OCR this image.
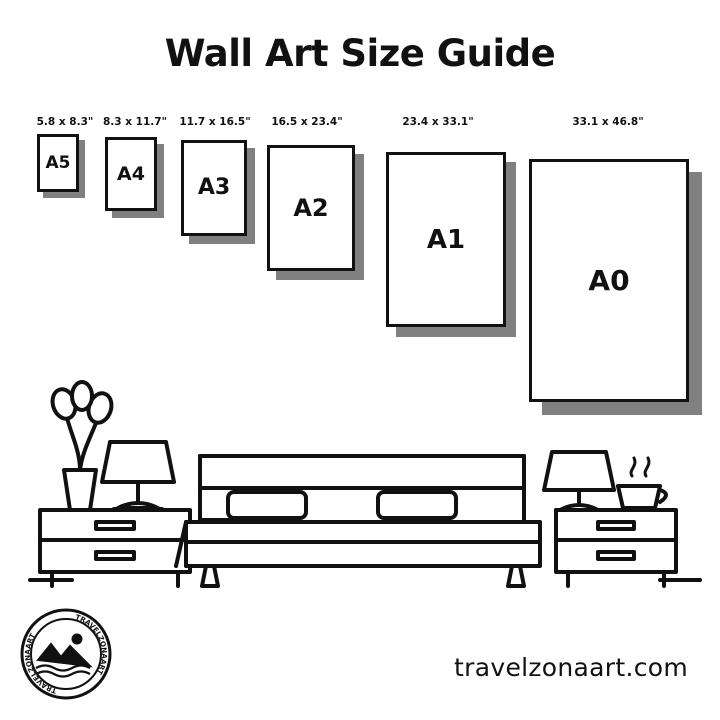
Wall Art Size Guide
5.8 x 8.3"
A5
8.3 x 11.7"
A4
11.7 x 16.5"
A3
16.5 x 23.4"
A2
23.4 x 33.1"
A1
33.1 x 46.8"
A0
TRAVELZONAART
TRAVELZONAART
travelzonaart.com
